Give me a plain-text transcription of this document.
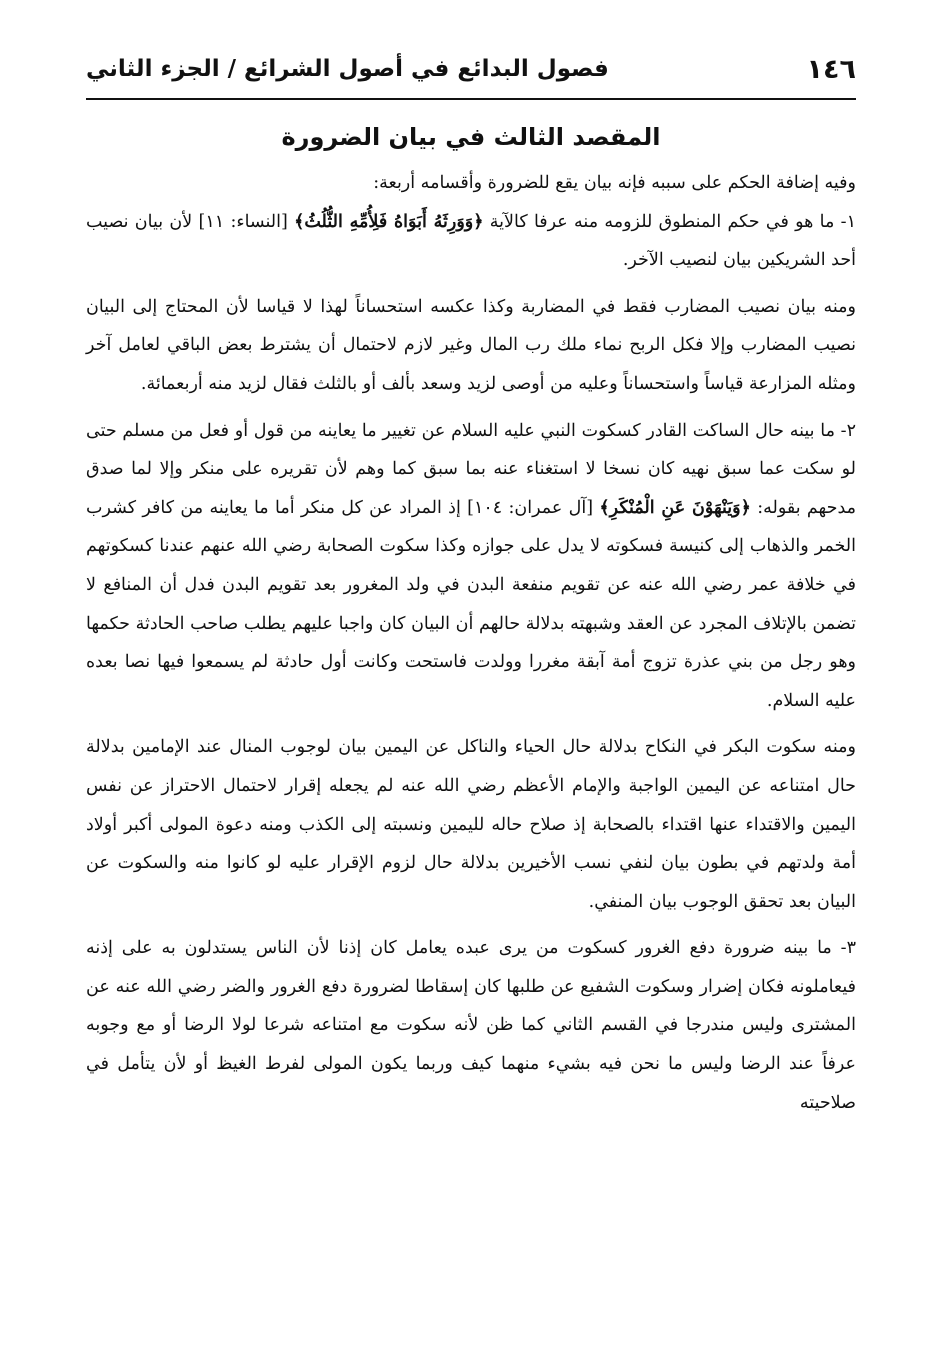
١٤٦
فصول البدائع في أصول الشرائع / الجزء الثاني
المقصد الثالث في بيان الضرورة

وفيه إضافة الحكم على سببه فإنه بيان يقع للضرورة وأقسامه أربعة:

١- ما هو في حكم المنطوق للزومه منه عرفا كالآية ﴿وَوَرِثَهُ أَبَوَاهُ فَلِأُمِّهِ الثُّلُثُ﴾ [النساء: ١١] لأن بيان نصيب أحد الشريكين بيان لنصيب الآخر.

ومنه بيان نصيب المضارب فقط في المضاربة وكذا عكسه استحساناً لهذا لا قياسا لأن المحتاج إلى البيان نصيب المضارب وإلا فكل الربح نماء ملك رب المال وغير لازم لاحتمال أن يشترط بعض الباقي لعامل آخر ومثله المزارعة قياساً واستحساناً وعليه من أوصى لزيد وسعد بألف أو بالثلث فقال لزيد منه أربعمائة.

٢- ما بينه حال الساكت القادر كسكوت النبي عليه السلام عن تغيير ما يعاينه من قول أو فعل من مسلم حتى لو سكت عما سبق نهيه كان نسخا لا استغناء عنه بما سبق كما وهم لأن تقريره على منكر وإلا لما صدق مدحهم بقوله: ﴿وَيَنْهَوْنَ عَنِ الْمُنْكَرِ﴾ [آل عمران: ١٠٤] إذ المراد عن كل منكر أما ما يعاينه من كافر كشرب الخمر والذهاب إلى كنيسة فسكوته لا يدل على جوازه وكذا سكوت الصحابة رضي الله عنهم عندنا كسكوتهم في خلافة عمر رضي الله عنه عن تقويم منفعة البدن في ولد المغرور بعد تقويم البدن فدل أن المنافع لا تضمن بالإتلاف المجرد عن العقد وشبهته بدلالة حالهم أن البيان كان واجبا عليهم يطلب صاحب الحادثة حكمها وهو رجل من بني عذرة تزوج أمة آبقة مغررا وولدت فاستحت وكانت أول حادثة لم يسمعوا فيها نصا بعده عليه السلام.

ومنه سكوت البكر في النكاح بدلالة حال الحياء والناكل عن اليمين بيان لوجوب المنال عند الإمامين بدلالة حال امتناعه عن اليمين الواجبة والإمام الأعظم رضي الله عنه لم يجعله إقرار لاحتمال الاحتراز عن نفس اليمين والاقتداء عنها اقتداء بالصحابة إذ صلاح حاله لليمين ونسبته إلى الكذب ومنه دعوة المولى أكبر أولاد أمة ولدتهم في بطون بيان لنفي نسب الأخيرين بدلالة حال لزوم الإقرار عليه لو كانوا منه والسكوت عن البيان بعد تحقق الوجوب بيان المنفي.

٣- ما بينه ضرورة دفع الغرور كسكوت من يرى عبده يعامل كان إذنا لأن الناس يستدلون به على إذنه فيعاملونه فكان إضرار وسكوت الشفيع عن طلبها كان إسقاطا لضرورة دفع الغرور والضر رضي الله عنه عن المشترى وليس مندرجا في القسم الثاني كما ظن لأنه سكوت مع امتناعه شرعا لولا الرضا أو مع وجوبه عرفاً عند الرضا وليس ما نحن فيه بشيء منهما كيف وربما يكون المولى لفرط الغيظ أو لأن يتأمل في صلاحيته
